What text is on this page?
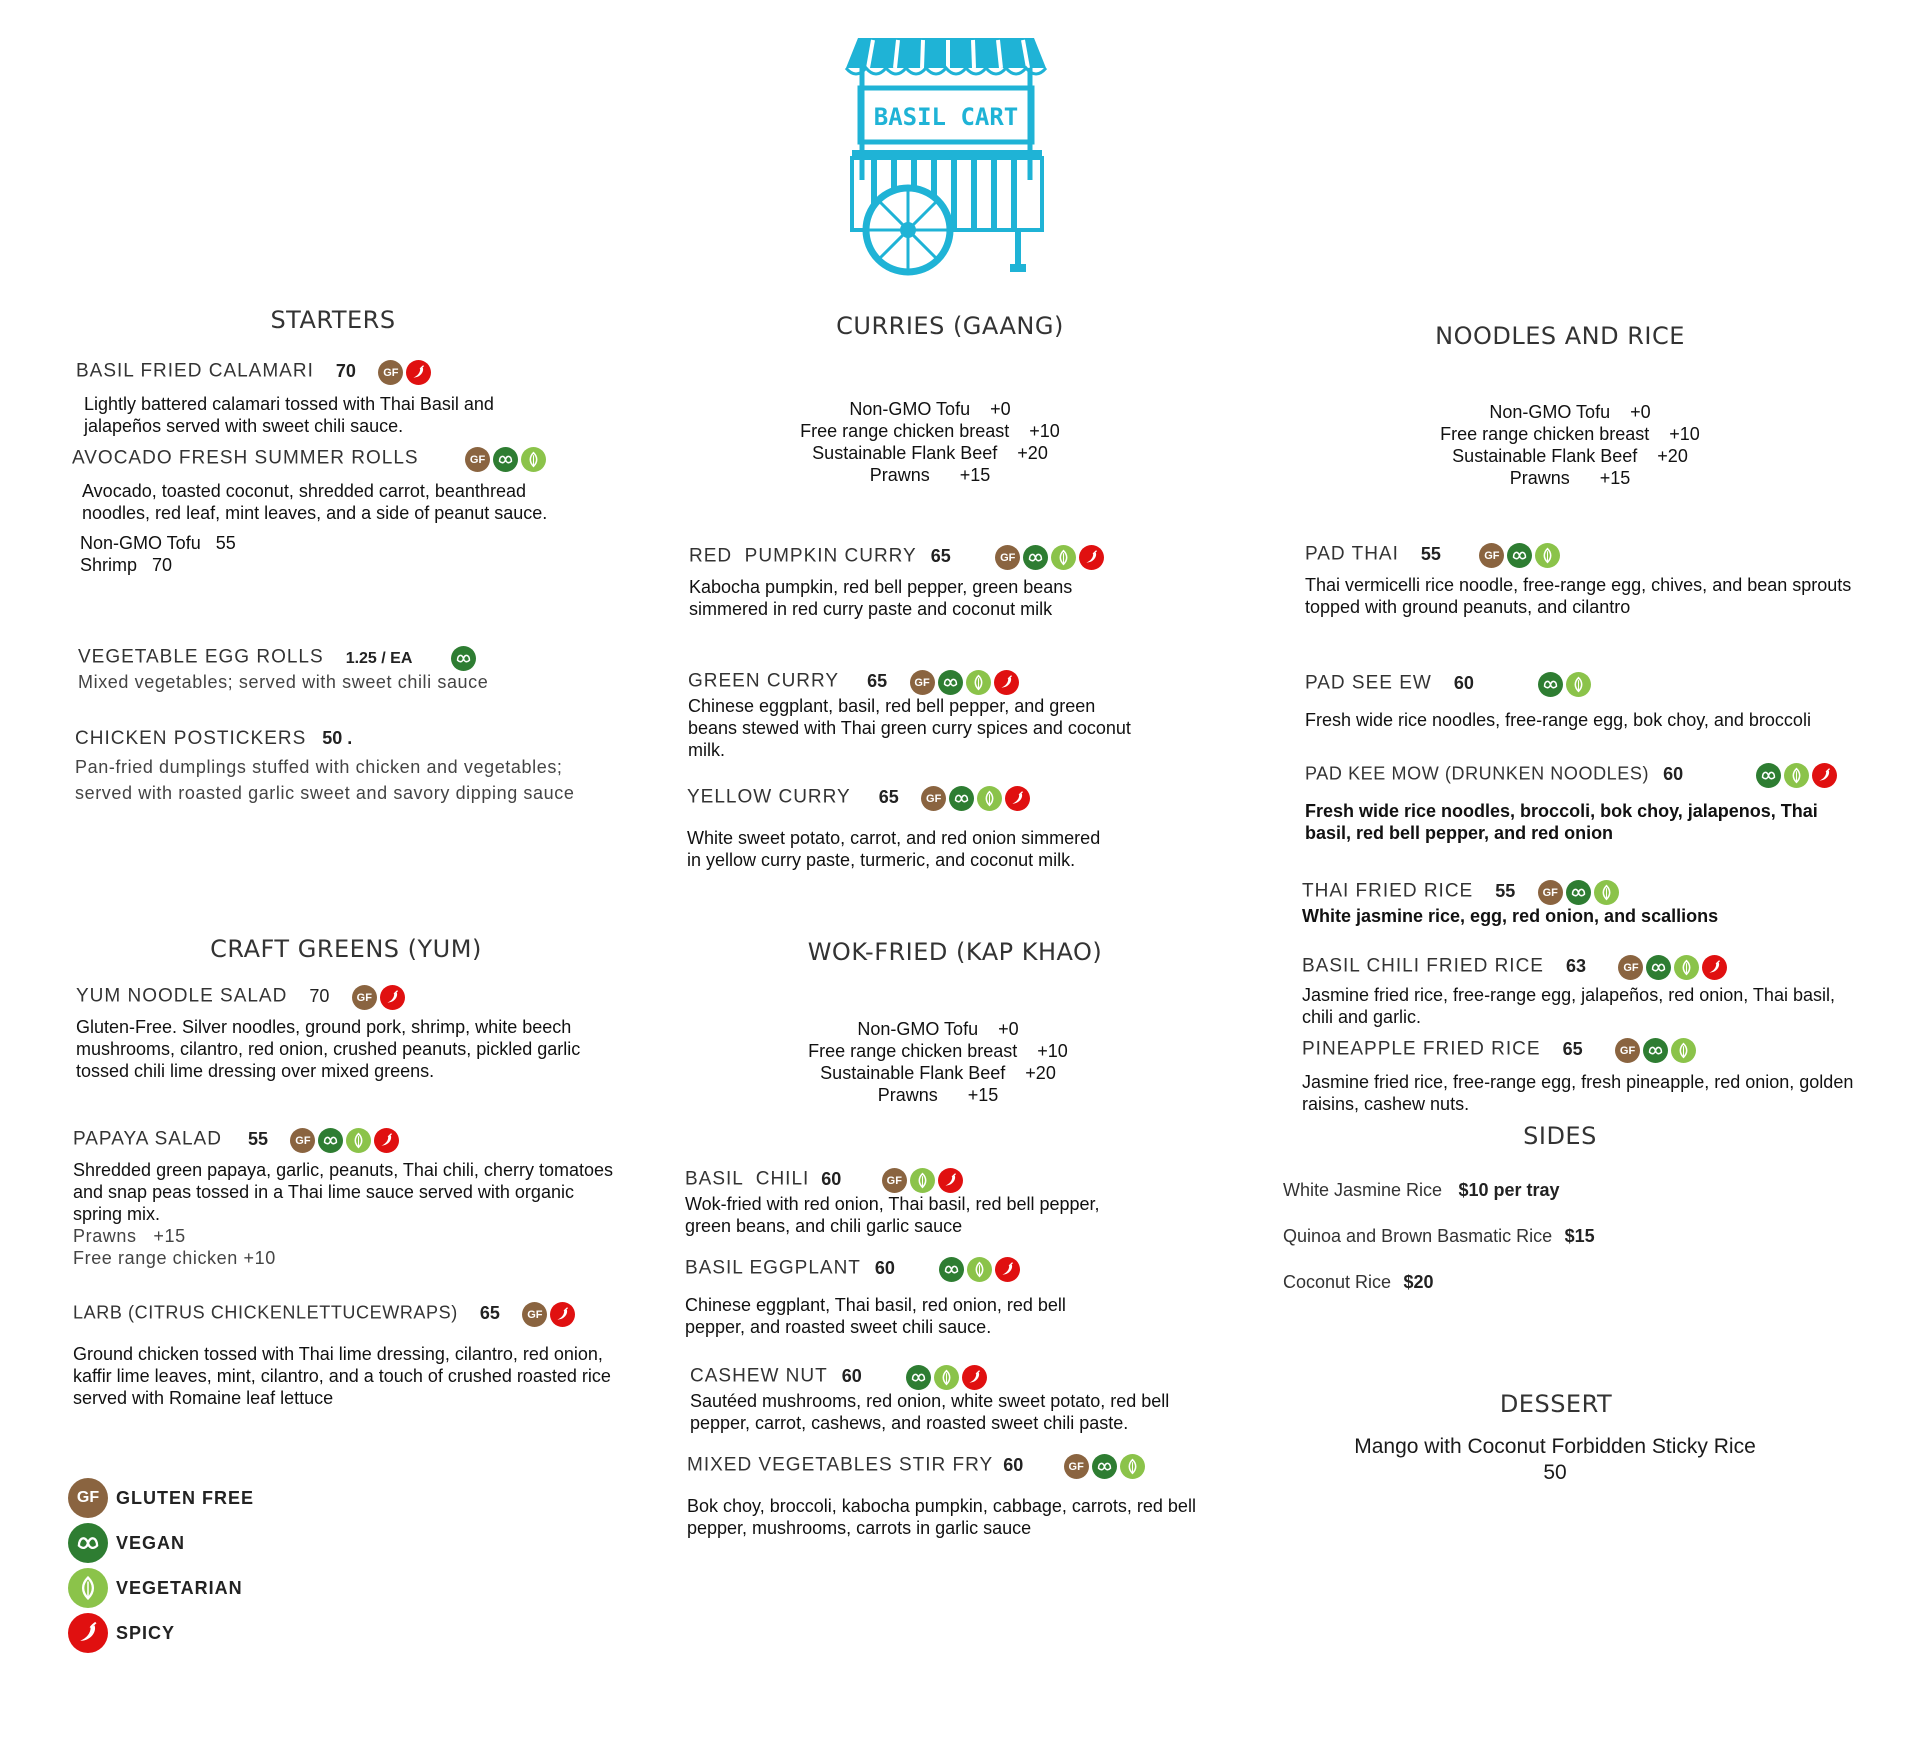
BASIL CART
STARTERS
BASIL FRIED CALAMARI 70	GF
Lightly battered calamari tossed with Thai Basil and jalapeños served with sweet chili sauce.
AVOCADO FRESH SUMMER ROLLS	GF
Avocado, toasted coconut, shredded carrot, beanthread noodles, red leaf, mint leaves, and a side of peanut sauce.
Non-GMO Tofu   55
Shrimp   70
VEGETABLE EGG ROLLS 1.25 / EA
Mixed vegetables; served with sweet chili sauce
CHICKEN POSTICKERS 50 .
Pan-fried dumplings stuffed with chicken and vegetables; served with roasted garlic sweet and savory dipping sauce
CRAFT GREENS (YUM)
YUM NOODLE SALAD 70	GF
Gluten-Free. Silver noodles, ground pork, shrimp, white beech mushrooms, cilantro, red onion, crushed peanuts, pickled garlic tossed chili lime dressing over mixed greens.
PAPAYA SALAD 55	GF
Shredded green papaya, garlic, peanuts, Thai chili, cherry tomatoes and snap peas tossed in a Thai lime sauce served with organic spring mix.
Prawns   +15
Free range chicken +10
LARB (CITRUS CHICKENLETTUCEWRAPS) 65	GF
Ground chicken tossed with Thai lime dressing, cilantro, red onion, kaffir lime leaves, mint, cilantro, and a touch of crushed roasted rice served with Romaine leaf lettuce
GF GLUTEN FREE
VEGAN
VEGETARIAN
SPICY
CURRIES (GAANG)
Non-GMO Tofu    +0
Free range chicken breast    +10
Sustainable Flank Beef    +20
Prawns      +15
RED  PUMPKIN CURRY 65	GF
Kabocha pumpkin, red bell pepper, green beans simmered in red curry paste and coconut milk
GREEN CURRY 65	GF
Chinese eggplant, basil, red bell pepper, and green beans stewed with Thai green curry spices and coconut milk.
YELLOW CURRY 65	GF
White sweet potato, carrot, and red onion simmered in yellow curry paste, turmeric, and coconut milk.
WOK-FRIED (KAP KHAO)
Non-GMO Tofu    +0
Free range chicken breast    +10
Sustainable Flank Beef    +20
Prawns      +15
BASIL  CHILI 60	GF
Wok-fried with red onion, Thai basil, red bell pepper, green beans, and chili garlic sauce
BASIL EGGPLANT 60
Chinese eggplant, Thai basil, red onion, red bell pepper, and roasted sweet chili sauce.
CASHEW NUT 60
Sautéed mushrooms, red onion, white sweet potato, red bell pepper, carrot, cashews, and roasted sweet chili paste.
MIXED VEGETABLES STIR FRY 60	GF
Bok choy, broccoli, kabocha pumpkin, cabbage, carrots, red bell pepper, mushrooms, carrots in garlic sauce
NOODLES AND RICE
Non-GMO Tofu    +0
Free range chicken breast    +10
Sustainable Flank Beef    +20
Prawns      +15
PAD THAI 55	GF
Thai vermicelli rice noodle, free-range egg, chives, and bean sprouts topped with ground peanuts, and cilantro
PAD SEE EW 60
Fresh wide rice noodles, free-range egg, bok choy, and broccoli
PAD KEE MOW (DRUNKEN NOODLES) 60
Fresh wide rice noodles, broccoli, bok choy, jalapenos, Thai basil, red bell pepper, and red onion
THAI FRIED RICE 55	GF
White jasmine rice, egg, red onion, and scallions
BASIL CHILI FRIED RICE 63	GF
Jasmine fried rice, free-range egg, jalapeños, red onion, Thai basil, chili and garlic.
PINEAPPLE FRIED RICE 65	GF
Jasmine fried rice, free-range egg, fresh pineapple, red onion, golden raisins, cashew nuts.
SIDES
White Jasmine Rice $10 per tray
Quinoa and Brown Basmatic Rice $15
Coconut Rice $20
DESSERT
Mango with Coconut Forbidden Sticky Rice
50
